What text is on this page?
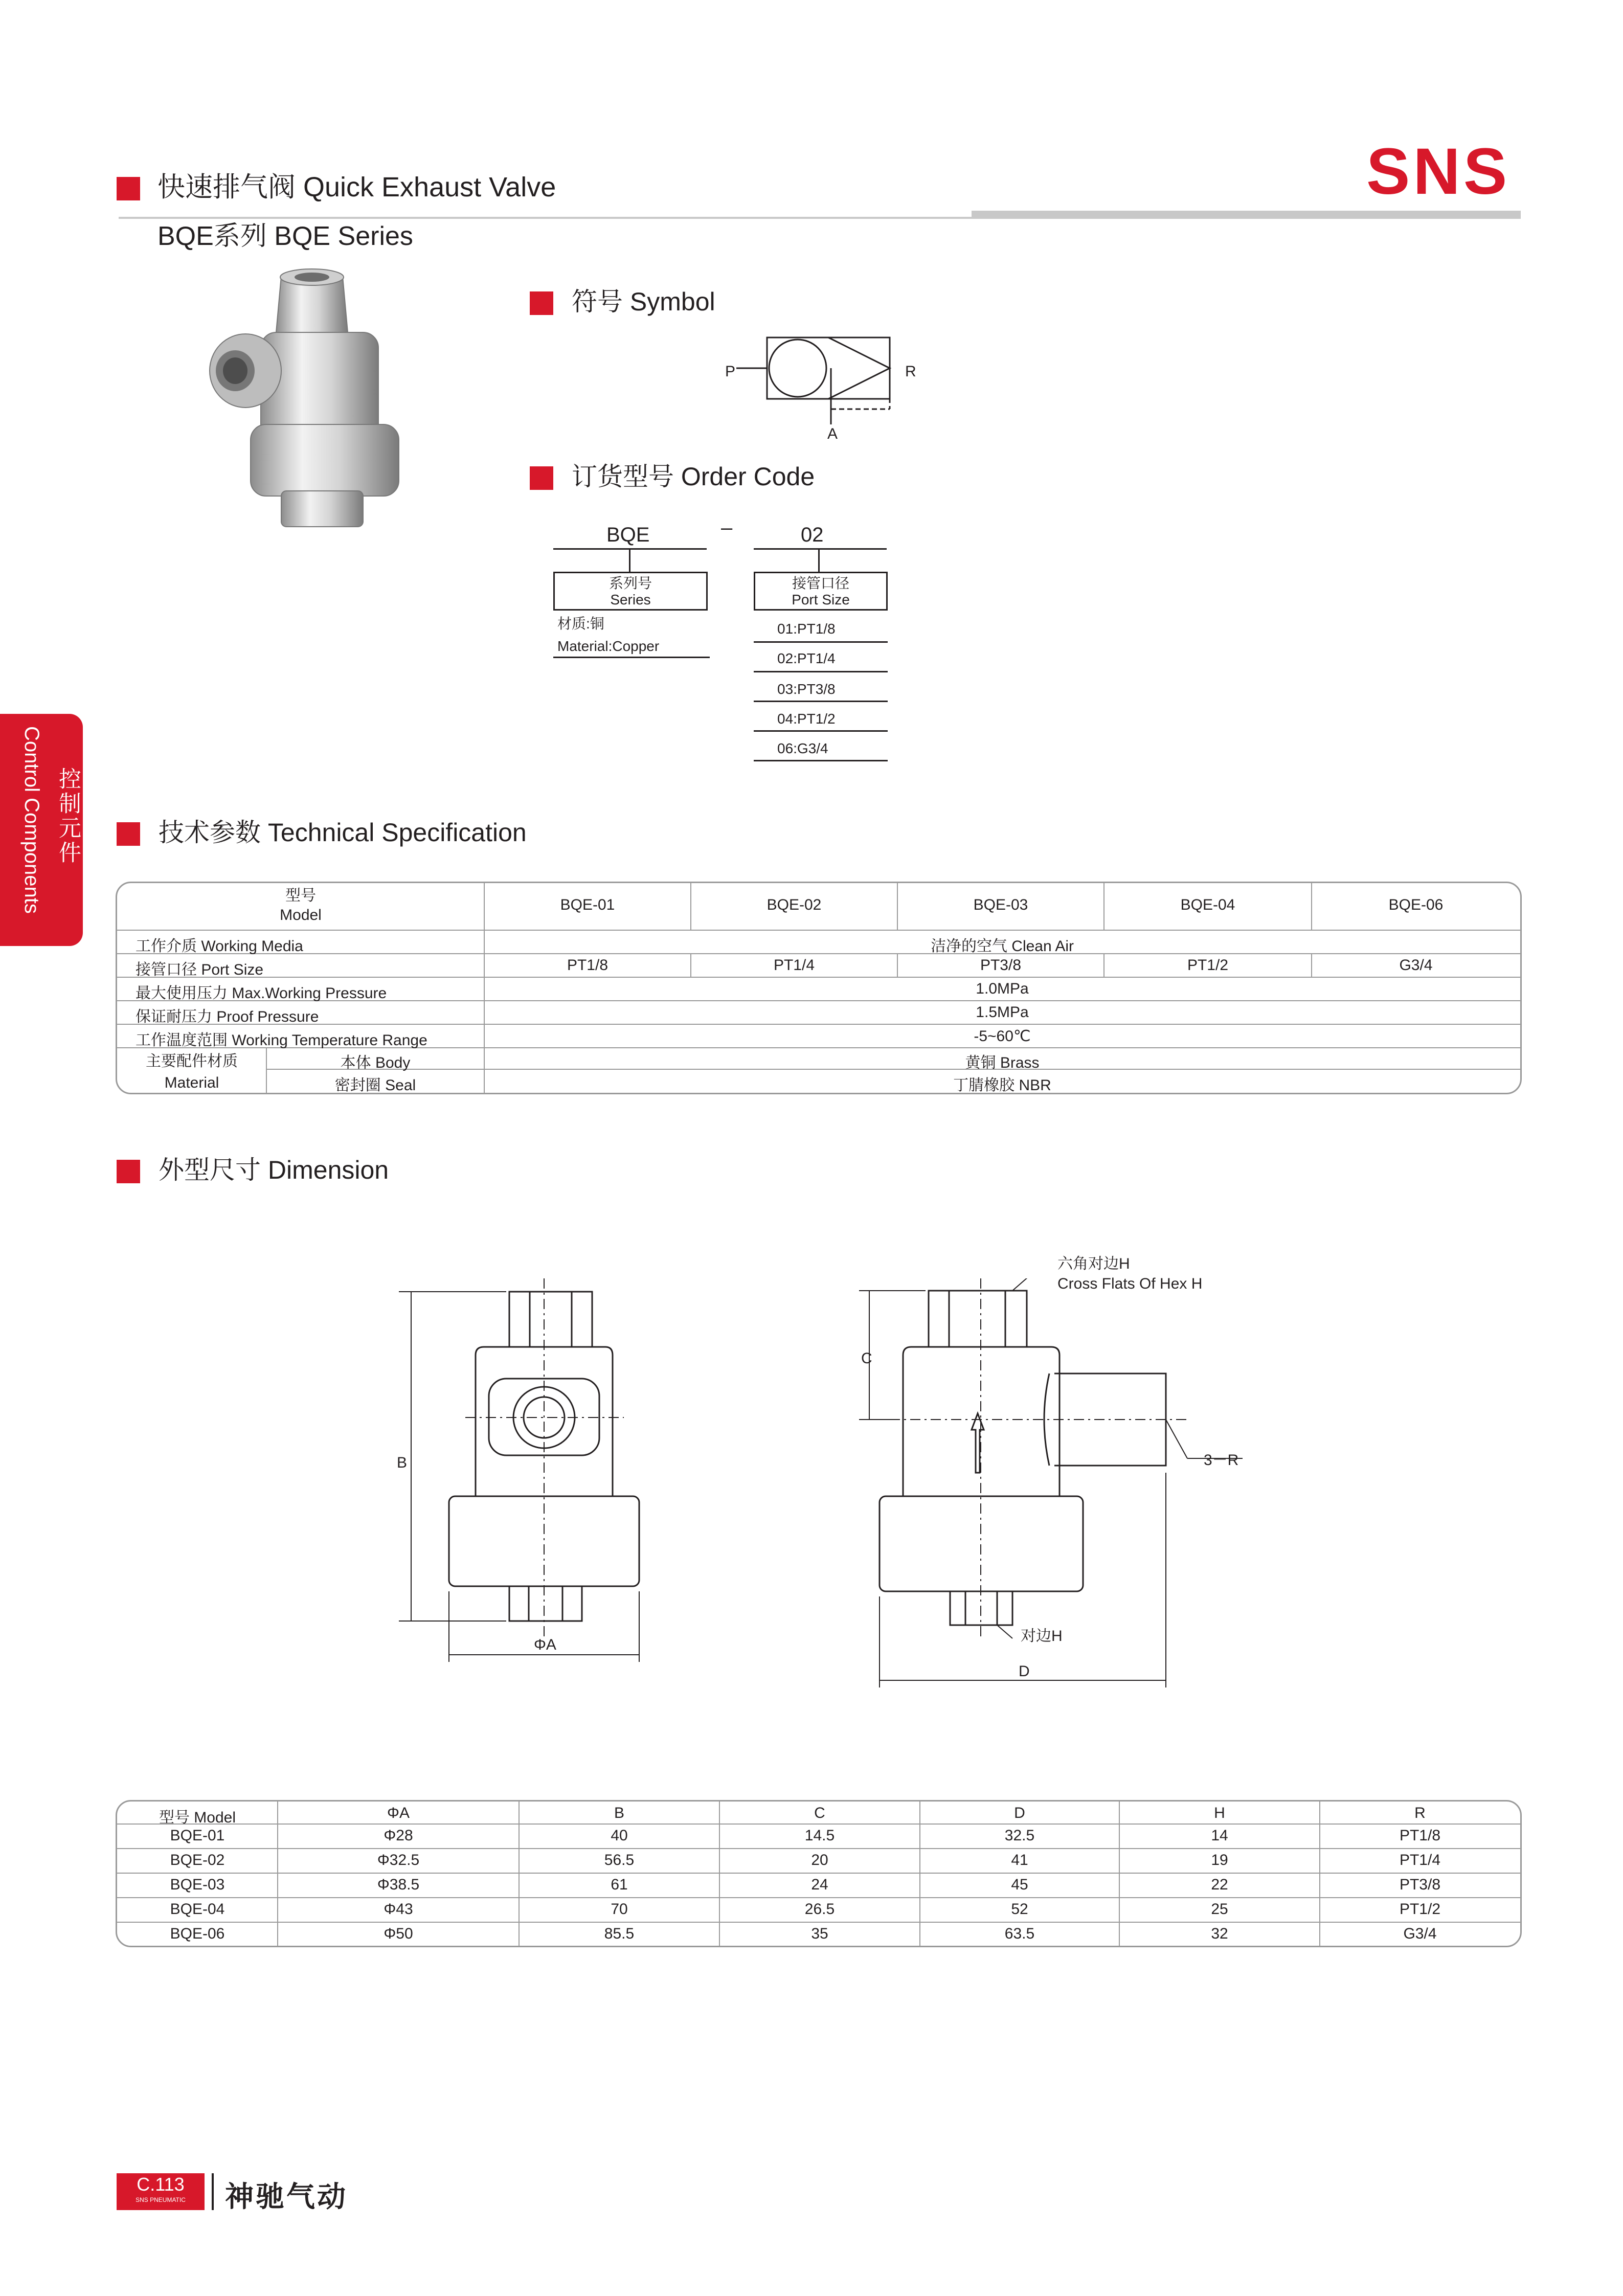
快速排气阀 Quick Exhaust Valve
BQE系列 BQE Series
SNS
Control Components 控制元件
符号 Symbol
P	R
A
订货型号 Order Code
BQE	–	02
系列号
Series
材质:铜
Material:Copper
接管口径
Port Size
01:PT1/8
02:PT1/4
03:PT3/8
04:PT1/2
06:G3/4
技术参数 Technical Specification
型号
Model
BQE-01	BQE-02	BQE-03	BQE-04	BQE-06
工作介质 Working Media	洁净的空气 Clean Air
接管口径 Port Size	PT1/8	PT1/4	PT3/8	PT1/2	G3/4
最大使用压力 Max.Working Pressure	1.0MPa
保证耐压力 Proof Pressure	1.5MPa
工作温度范围 Working Temperature Range	-5~60℃
主要配件材质
Material
本体 Body	黄铜 Brass
密封圈 Seal	丁腈橡胶 NBR
外型尺寸 Dimension
B
ΦA
六角对边H
Cross Flats Of Hex H
C
3－R
对边H
D
型号 Model	ΦA	B	C	D	H	R
BQE-01	Φ28	40	14.5	32.5	14	PT1/8
BQE-02	Φ32.5	56.5	20	41	19	PT1/4
BQE-03	Φ38.5	61	24	45	22	PT3/8
BQE-04	Φ43	70	26.5	52	25	PT1/2
BQE-06	Φ50	85.5	35	63.5	32	G3/4
C.113
SNS PNEUMATIC	神驰气动
